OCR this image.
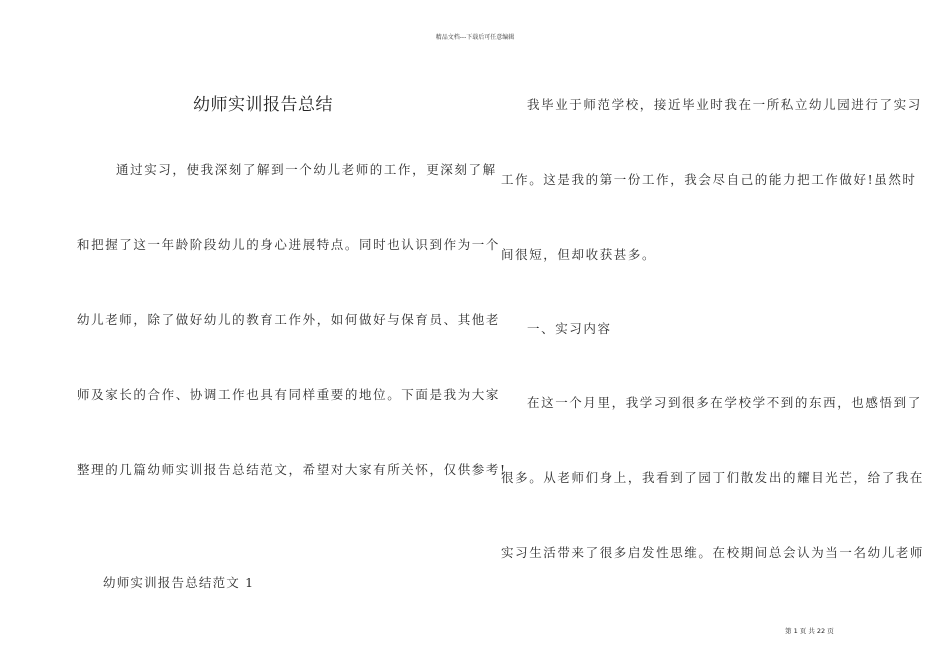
精品文档---下载后可任意编辑
幼师实训报告总结
通过实习，使我深刻了解到一个幼儿老师的工作，更深刻了解
和把握了这一年龄阶段幼儿的身心进展特点。同时也认识到作为一个
幼儿老师，除了做好幼儿的教育工作外，如何做好与保育员、其他老
师及家长的合作、协调工作也具有同样重要的地位。下面是我为大家
整理的几篇幼师实训报告总结范文，希望对大家有所关怀，仅供参考!
幼师实训报告总结范文 1
我毕业于师范学校，接近毕业时我在一所私立幼儿园进行了实习
工作。这是我的第一份工作，我会尽自己的能力把工作做好!虽然时
间很短，但却收获甚多。
一、实习内容
在这一个月里，我学习到很多在学校学不到的东西，也感悟到了
很多。从老师们身上，我看到了园丁们散发出的耀目光芒，给了我在
实习生活带来了很多启发性思维。在校期间总会认为当一名幼儿老师
第 1 页 共 22 页
